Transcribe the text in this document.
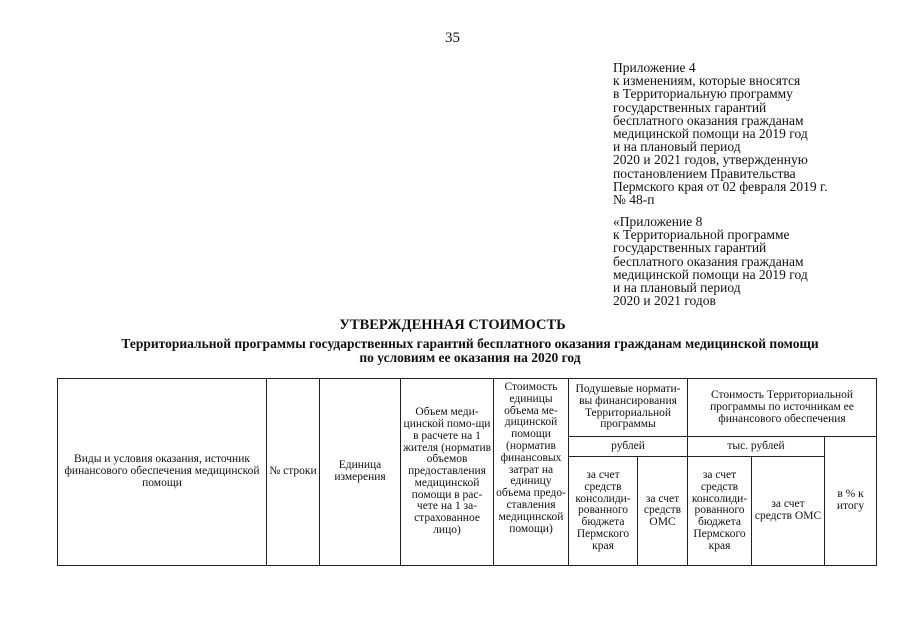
35
Приложение 4
к изменениям, которые вносятся
в Территориальную программу
государственных гарантий
бесплатного оказания гражданам
медицинской помощи на 2019 год
и на плановый период
2020 и 2021 годов, утвержденную
постановлением Правительства
Пермского края от 02 февраля 2019 г.
№ 48-п
«Приложение 8
к Территориальной программе
государственных гарантий
бесплатного оказания гражданам
медицинской помощи на 2019 год
и на плановый период
2020 и 2021 годов
УТВЕРЖДЕННАЯ СТОИМОСТЬ
Территориальной программы государственных гарантий бесплатного оказания гражданам медицинской помощи
по условиям ее оказания на 2020 год
Виды и условия оказания, источник финансового обеспечения медицинской помощи	№ строки	Единица измерения	Объем меди-цинской помо-щи в расчете на 1 жителя (норматив объемов предоставления медицинской помощи в рас-чете на 1 за-страхованное лицо)	Стоимость единицы объема ме-дицинской помощи (норматив финансовых затрат на единицу объема предо-ставления медицинской помощи)	Подушевые нормати-вы финансирования Территориальной программы		Стоимость Территориальной программы по источникам ее финансового обеспечения		
					рублей		тыс. рублей		в % к итогу
					за счет средств консолиди-рованного бюджета Пермского края	за счет средств ОМС	за счет средств консолиди-рованного бюджета Пермского края	за счет средств ОМС	
